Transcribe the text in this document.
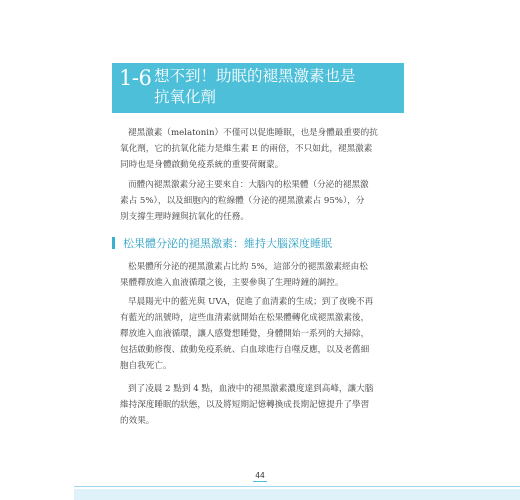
1-6 想不到！助眠的褪黑激素也是
抗氧化劑

褪黑激素（melatonin）不僅可以促進睡眠，也是身體最重要的抗
氧化劑，它的抗氧化能力是維生素 E 的兩倍，不只如此，褪黑激素
同時也是身體啟動免疫系統的重要荷爾蒙。

而體內褪黑激素分泌主要來自：大腦內的松果體（分泌的褪黑激
素占 5%），以及細胞內的粒線體（分泌的褪黑激素占 95%），分
別支撐生理時鐘與抗氧化的任務。

松果體分泌的褪黑激素：維持大腦深度睡眠

松果體所分泌的褪黑激素占比約 5%，這部分的褪黑激素經由松
果體釋放進入血液循環之後，主要參與了生理時鐘的調控。

早晨陽光中的藍光與 UVA，促進了血清素的生成；到了夜晚不再
有藍光的訊號時，這些血清素就開始在松果體轉化成褪黑激素後，
釋放進入血液循環，讓人感覺想睡覺，身體開始一系列的大掃除，
包括啟動修復、啟動免疫系統、白血球進行自噬反應，以及老舊細
胞自我死亡。

到了凌晨 2 點到 4 點，血液中的褪黑激素濃度達到高峰，讓大腦
維持深度睡眠的狀態，以及將短期記憶轉換成長期記憶提升了學習
的效果。

44
